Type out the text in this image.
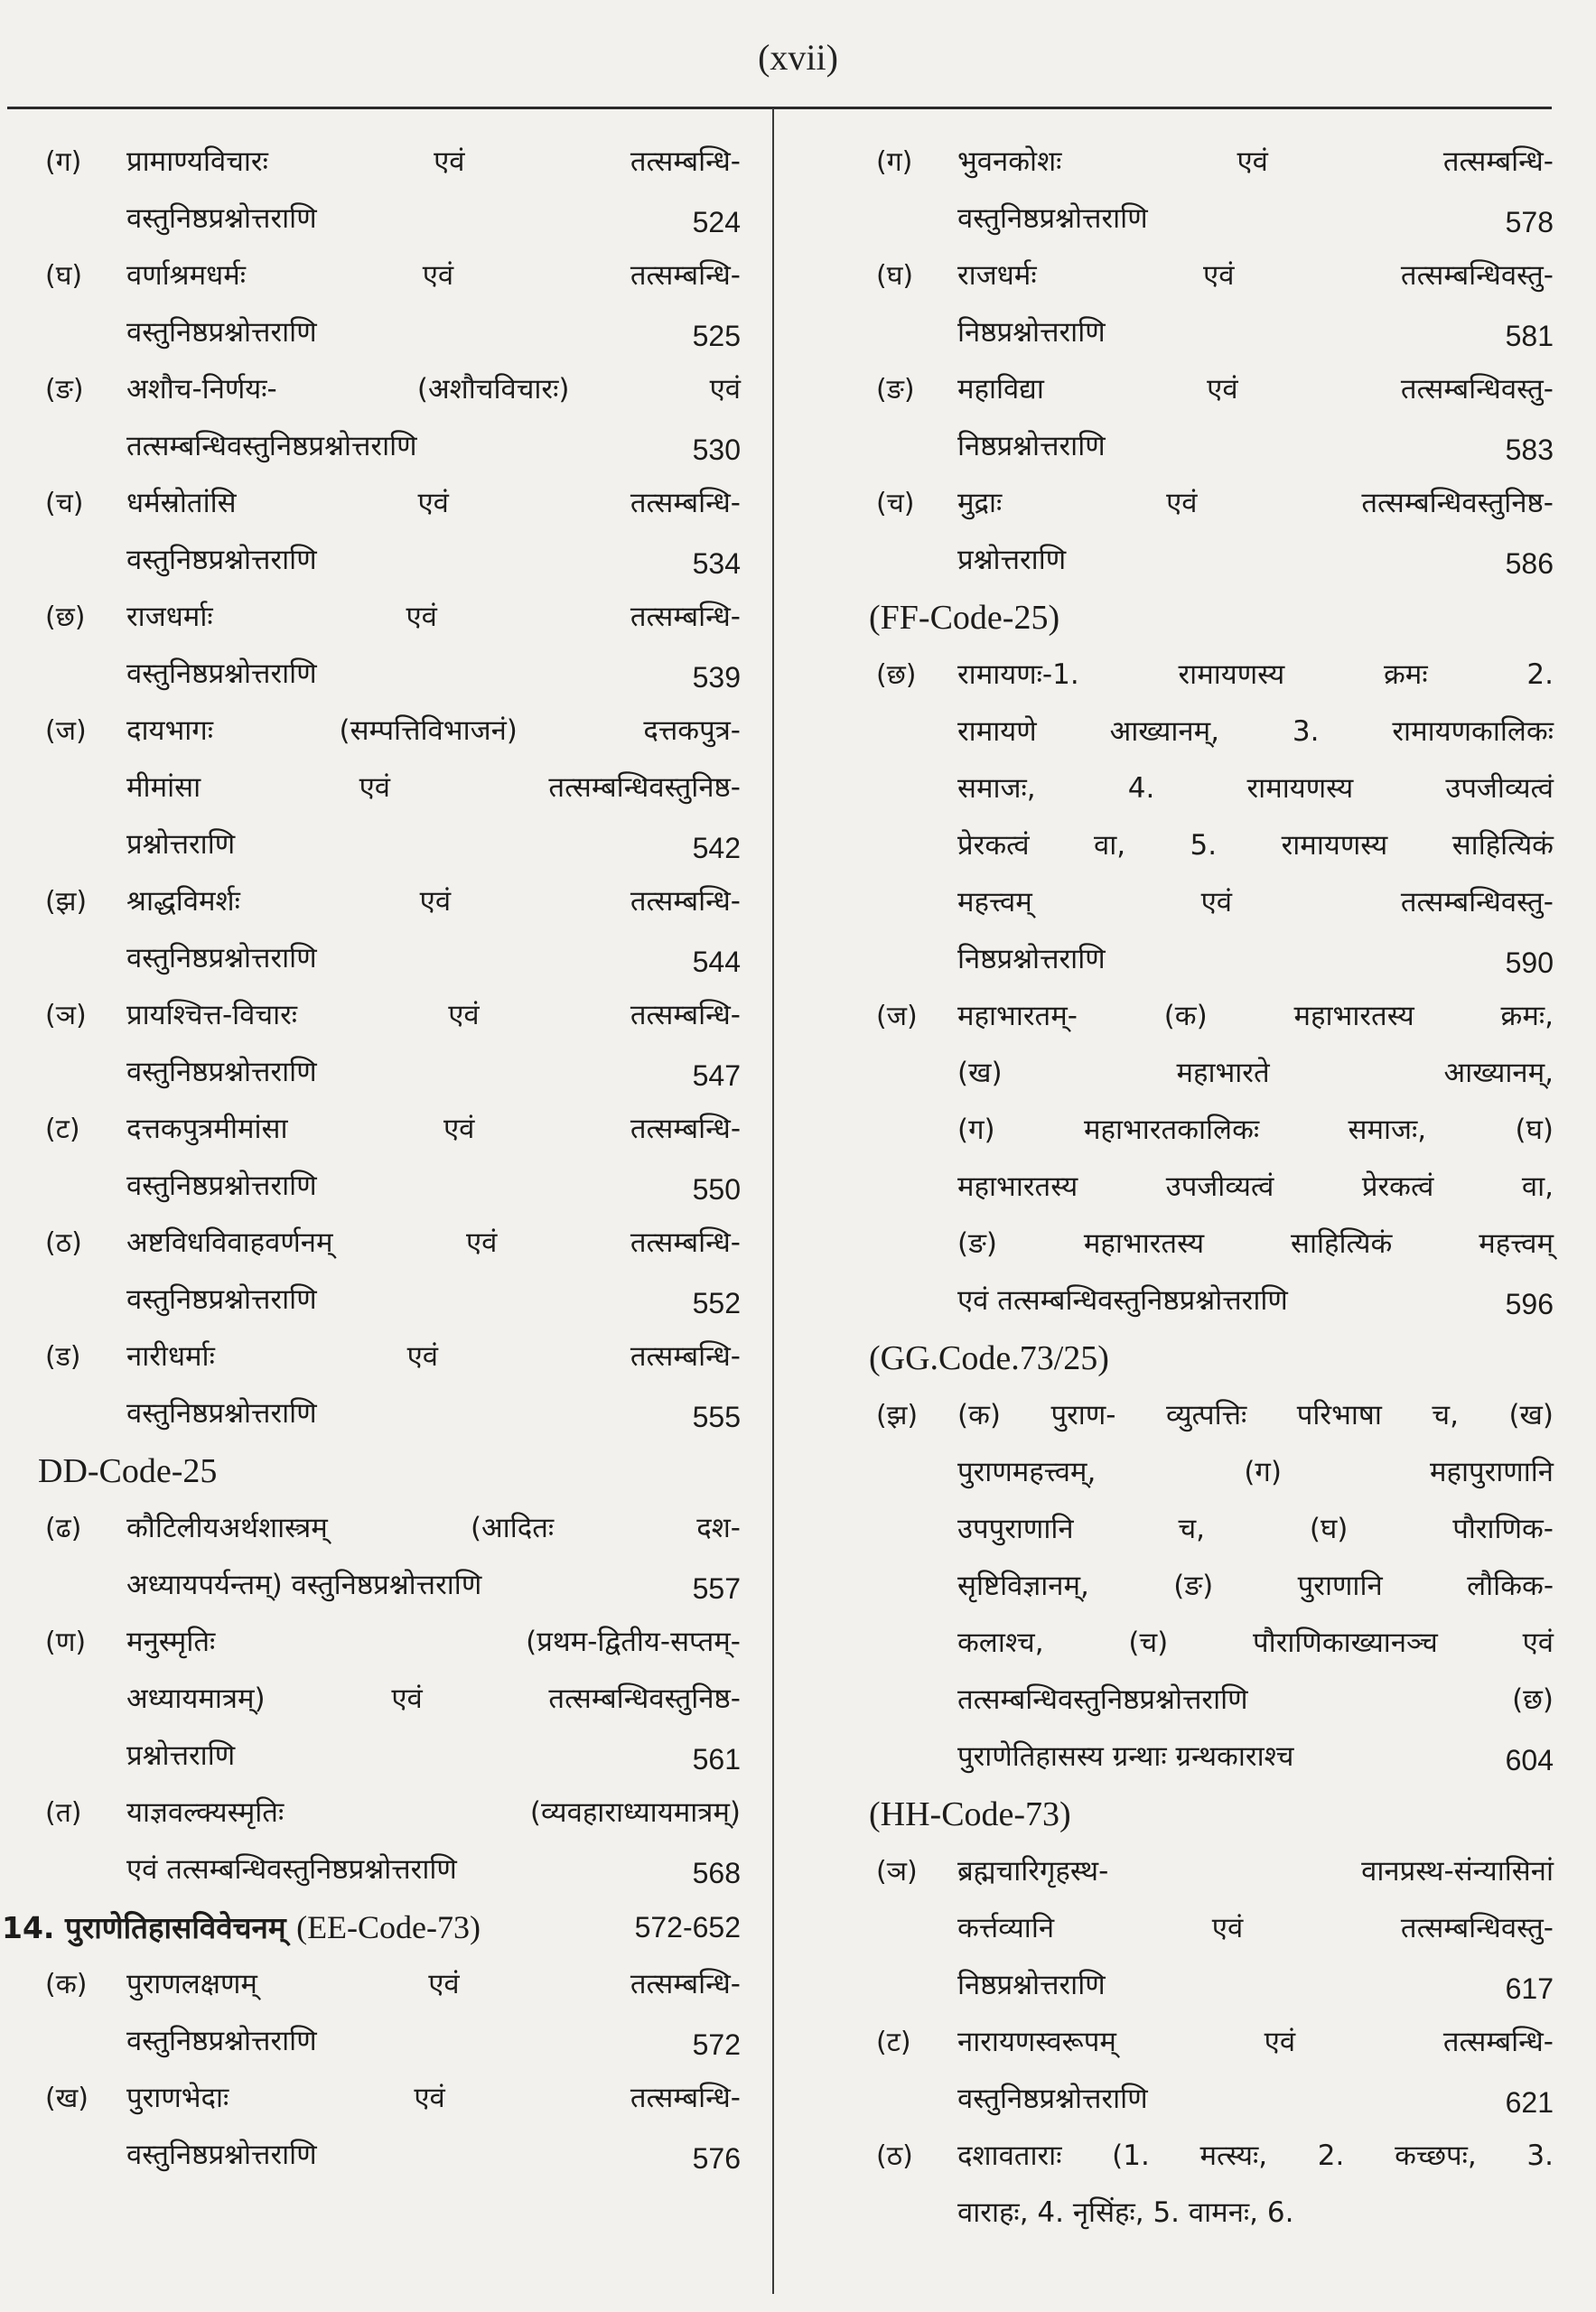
(xvii)
(ग) प्रामाण्यविचारः एवं तत्सम्बन्धि-
वस्तुनिष्ठप्रश्नोत्तराणि	524
(घ) वर्णाश्रमधर्मः एवं तत्सम्बन्धि-
वस्तुनिष्ठप्रश्नोत्तराणि	525
(ङ) अशौच-निर्णयः- (अशौचविचारः) एवं
तत्सम्बन्धिवस्तुनिष्ठप्रश्नोत्तराणि	530
(च) धर्मस्रोतांसि एवं तत्सम्बन्धि-
वस्तुनिष्ठप्रश्नोत्तराणि	534
(छ) राजधर्माः एवं तत्सम्बन्धि-
वस्तुनिष्ठप्रश्नोत्तराणि	539
(ज) दायभागः (सम्पत्तिविभाजनं) दत्तकपुत्र-
मीमांसा एवं तत्सम्बन्धिवस्तुनिष्ठ-
प्रश्नोत्तराणि	542
(झ) श्राद्धविमर्शः एवं तत्सम्बन्धि-
वस्तुनिष्ठप्रश्नोत्तराणि	544
(ञ) प्रायश्चित्त-विचारः एवं तत्सम्बन्धि-
वस्तुनिष्ठप्रश्नोत्तराणि	547
(ट) दत्तकपुत्रमीमांसा एवं तत्सम्बन्धि-
वस्तुनिष्ठप्रश्नोत्तराणि	550
(ठ) अष्टविधविवाहवर्णनम् एवं तत्सम्बन्धि-
वस्तुनिष्ठप्रश्नोत्तराणि	552
(ड) नारीधर्माः एवं तत्सम्बन्धि-
वस्तुनिष्ठप्रश्नोत्तराणि	555
DD-Code-25
(ढ) कौटिलीयअर्थशास्त्रम् (आदितः दश-
अध्यायपर्यन्तम्) वस्तुनिष्ठप्रश्नोत्तराणि	557
(ण) मनुस्मृतिः (प्रथम-द्वितीय-सप्तम्-
अध्यायमात्रम्) एवं तत्सम्बन्धिवस्तुनिष्ठ-
प्रश्नोत्तराणि	561
(त) याज्ञवल्क्यस्मृतिः (व्यवहाराध्यायमात्रम्)
एवं तत्सम्बन्धिवस्तुनिष्ठप्रश्नोत्तराणि	568
14. पुराणेतिहासविवेचनम् (EE-Code-73)	572-652
(क) पुराणलक्षणम् एवं तत्सम्बन्धि-
वस्तुनिष्ठप्रश्नोत्तराणि	572
(ख) पुराणभेदाः एवं तत्सम्बन्धि-
वस्तुनिष्ठप्रश्नोत्तराणि	576
(ग) भुवनकोशः एवं तत्सम्बन्धि-
वस्तुनिष्ठप्रश्नोत्तराणि	578
(घ) राजधर्मः एवं तत्सम्बन्धिवस्तु-
निष्ठप्रश्नोत्तराणि	581
(ङ) महाविद्या एवं तत्सम्बन्धिवस्तु-
निष्ठप्रश्नोत्तराणि	583
(च) मुद्राः एवं तत्सम्बन्धिवस्तुनिष्ठ-
प्रश्नोत्तराणि	586
(FF-Code-25)
(छ) रामायणः-1. रामायणस्य क्रमः 2.
रामायणे आख्यानम्, 3. रामायणकालिकः
समाजः, 4. रामायणस्य उपजीव्यत्वं
प्रेरकत्वं वा, 5. रामायणस्य साहित्यिकं
महत्त्वम् एवं तत्सम्बन्धिवस्तु-
निष्ठप्रश्नोत्तराणि	590
(ज) महाभारतम्- (क) महाभारतस्य क्रमः,
(ख) महाभारते आख्यानम्,
(ग) महाभारतकालिकः समाजः, (घ)
महाभारतस्य उपजीव्यत्वं प्रेरकत्वं वा,
(ङ) महाभारतस्य साहित्यिकं महत्त्वम्
एवं तत्सम्बन्धिवस्तुनिष्ठप्रश्नोत्तराणि	596
(GG.Code.73/25)
(झ) (क) पुराण- व्युत्पत्तिः परिभाषा च, (ख)
पुराणमहत्त्वम्, (ग) महापुराणानि
उपपुराणानि च, (घ) पौराणिक-
सृष्टिविज्ञानम्, (ङ) पुराणानि लौकिक-
कलाश्च, (च) पौराणिकाख्यानञ्च एवं
तत्सम्बन्धिवस्तुनिष्ठप्रश्नोत्तराणि (छ)
पुराणेतिहासस्य ग्रन्थाः ग्रन्थकाराश्च	604
(HH-Code-73)
(ञ) ब्रह्मचारिगृहस्थ- वानप्रस्थ-संन्यासिनां
कर्त्तव्यानि एवं तत्सम्बन्धिवस्तु-
निष्ठप्रश्नोत्तराणि	617
(ट) नारायणस्वरूपम् एवं तत्सम्बन्धि-
वस्तुनिष्ठप्रश्नोत्तराणि	621
(ठ) दशावताराः (1. मत्स्यः, 2. कच्छपः, 3.
वाराहः, 4. नृसिंहः, 5. वामनः, 6.
